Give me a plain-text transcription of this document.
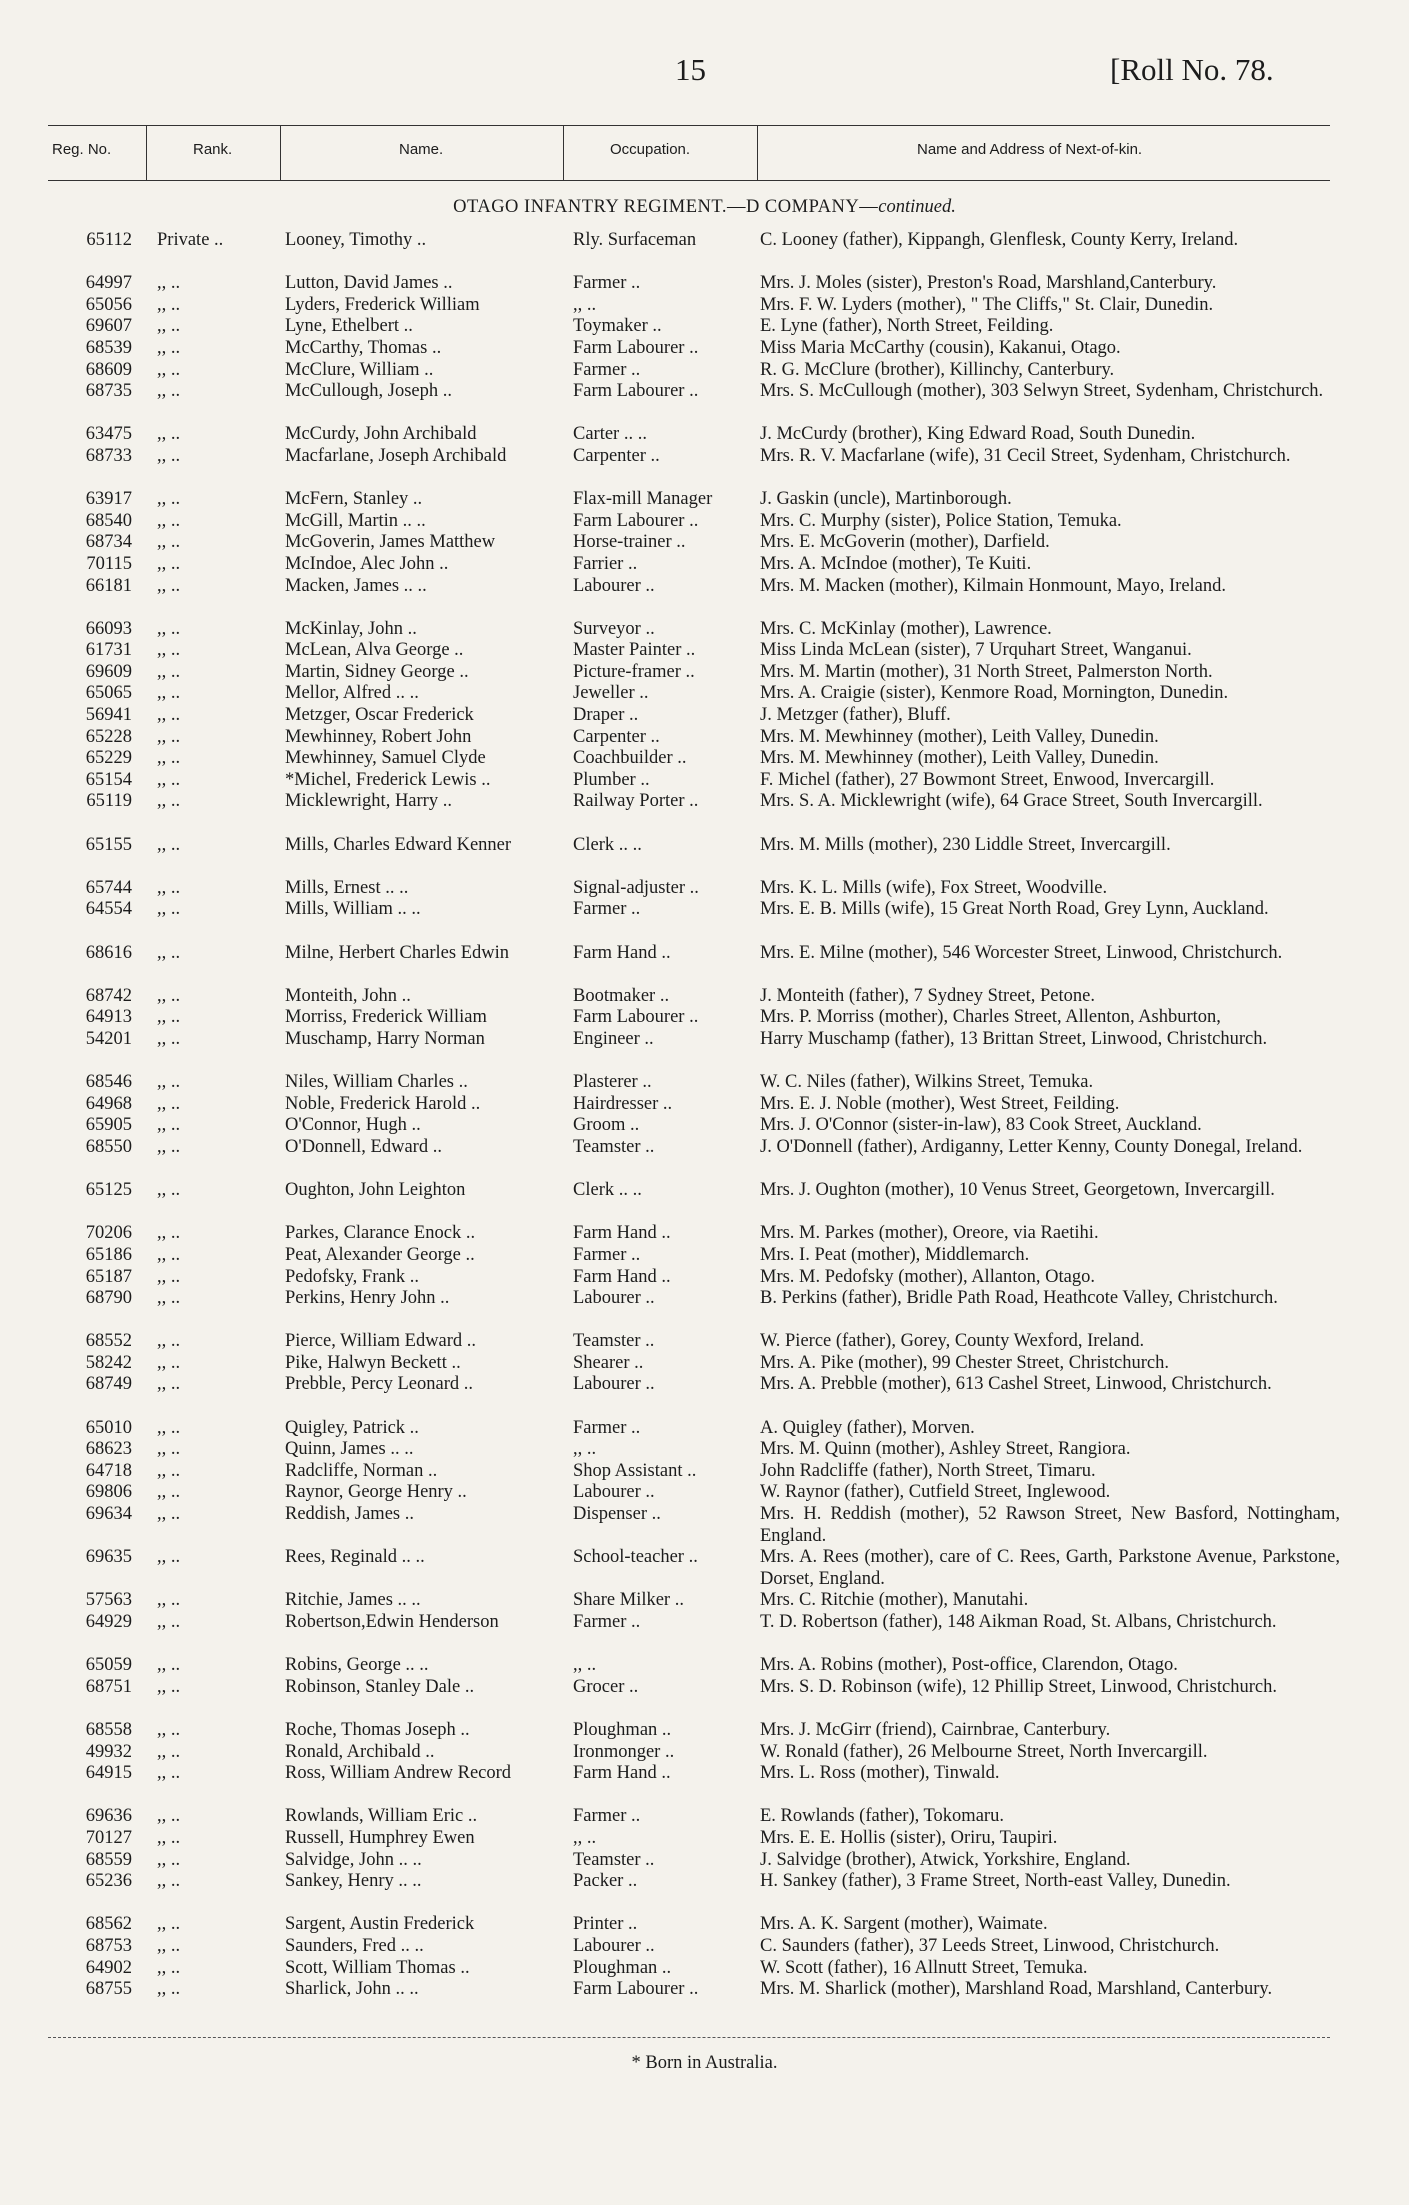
15	[Roll No. 78.
Reg. No.	Rank.	Name.	Occupation.	Name and Address of Next-of-kin.
OTAGO INFANTRY REGIMENT.—D COMPANY—continued.
65112 Private ..	Looney, Timothy ..	Rly. Surfaceman	C. Looney (father), Kippangh, Glenflesk, County Kerry, Ireland.
64997 ,, ..	Lutton, David James ..	Farmer ..	Mrs. J. Moles (sister), Preston's Road, Marshland,Canterbury.
65056 ,, ..	Lyders, Frederick William	,, ..	Mrs. F. W. Lyders (mother), " The Cliffs," St. Clair, Dunedin.
69607 ,, ..	Lyne, Ethelbert ..	Toymaker ..	E. Lyne (father), North Street, Feilding.
68539 ,, ..	McCarthy, Thomas ..	Farm Labourer ..	Miss Maria McCarthy (cousin), Kakanui, Otago.
68609 ,, ..	McClure, William ..	Farmer ..	R. G. McClure (brother), Killinchy, Canterbury.
68735 ,, ..	McCullough, Joseph ..	Farm Labourer ..	Mrs. S. McCullough (mother), 303 Selwyn Street, Sydenham, Christchurch.
63475 ,, ..	McCurdy, John Archibald	Carter .. ..	J. McCurdy (brother), King Edward Road, South Dunedin.
68733 ,, ..	Macfarlane, Joseph Archibald	Carpenter ..	Mrs. R. V. Macfarlane (wife), 31 Cecil Street, Sydenham, Christchurch.
63917 ,, ..	McFern, Stanley ..	Flax-mill Manager	J. Gaskin (uncle), Martinborough.
68540 ,, ..	McGill, Martin .. ..	Farm Labourer ..	Mrs. C. Murphy (sister), Police Station, Temuka.
68734 ,, ..	McGoverin, James Matthew	Horse-trainer ..	Mrs. E. McGoverin (mother), Darfield.
70115 ,, ..	McIndoe, Alec John ..	Farrier ..	Mrs. A. McIndoe (mother), Te Kuiti.
66181 ,, ..	Macken, James .. ..	Labourer ..	Mrs. M. Macken (mother), Kilmain Honmount, Mayo, Ireland.
66093 ,, ..	McKinlay, John ..	Surveyor ..	Mrs. C. McKinlay (mother), Lawrence.
61731 ,, ..	McLean, Alva George ..	Master Painter ..	Miss Linda McLean (sister), 7 Urquhart Street, Wanganui.
69609 ,, ..	Martin, Sidney George ..	Picture-framer ..	Mrs. M. Martin (mother), 31 North Street, Palmerston North.
65065 ,, ..	Mellor, Alfred .. ..	Jeweller ..	Mrs. A. Craigie (sister), Kenmore Road, Mornington, Dunedin.
56941 ,, ..	Metzger, Oscar Frederick	Draper ..	J. Metzger (father), Bluff.
65228 ,, ..	Mewhinney, Robert John	Carpenter ..	Mrs. M. Mewhinney (mother), Leith Valley, Dunedin.
65229 ,, ..	Mewhinney, Samuel Clyde	Coachbuilder ..	Mrs. M. Mewhinney (mother), Leith Valley, Dunedin.
65154 ,, ..	*Michel, Frederick Lewis ..	Plumber ..	F. Michel (father), 27 Bowmont Street, Enwood, Invercargill.
65119 ,, ..	Micklewright, Harry ..	Railway Porter ..	Mrs. S. A. Micklewright (wife), 64 Grace Street, South Invercargill.
65155 ,, ..	Mills, Charles Edward Kenner	Clerk .. ..	Mrs. M. Mills (mother), 230 Liddle Street, Invercargill.
65744 ,, ..	Mills, Ernest .. ..	Signal-adjuster ..	Mrs. K. L. Mills (wife), Fox Street, Woodville.
64554 ,, ..	Mills, William .. ..	Farmer ..	Mrs. E. B. Mills (wife), 15 Great North Road, Grey Lynn, Auckland.
68616 ,, ..	Milne, Herbert Charles Edwin	Farm Hand ..	Mrs. E. Milne (mother), 546 Worcester Street, Linwood, Christchurch.
68742 ,, ..	Monteith, John ..	Bootmaker ..	J. Monteith (father), 7 Sydney Street, Petone.
64913 ,, ..	Morriss, Frederick William	Farm Labourer ..	Mrs. P. Morriss (mother), Charles Street, Allenton, Ashburton,
54201 ,, ..	Muschamp, Harry Norman	Engineer ..	Harry Muschamp (father), 13 Brittan Street, Linwood, Christchurch.
68546 ,, ..	Niles, William Charles ..	Plasterer ..	W. C. Niles (father), Wilkins Street, Temuka.
64968 ,, ..	Noble, Frederick Harold ..	Hairdresser ..	Mrs. E. J. Noble (mother), West Street, Feilding.
65905 ,, ..	O'Connor, Hugh ..	Groom ..	Mrs. J. O'Connor (sister-in-law), 83 Cook Street, Auckland.
68550 ,, ..	O'Donnell, Edward ..	Teamster ..	J. O'Donnell (father), Ardiganny, Letter Kenny, County Donegal, Ireland.
65125 ,, ..	Oughton, John Leighton	Clerk .. ..	Mrs. J. Oughton (mother), 10 Venus Street, Georgetown, Invercargill.
70206 ,, ..	Parkes, Clarance Enock ..	Farm Hand ..	Mrs. M. Parkes (mother), Oreore, via Raetihi.
65186 ,, ..	Peat, Alexander George ..	Farmer ..	Mrs. I. Peat (mother), Middlemarch.
65187 ,, ..	Pedofsky, Frank ..	Farm Hand ..	Mrs. M. Pedofsky (mother), Allanton, Otago.
68790 ,, ..	Perkins, Henry John ..	Labourer ..	B. Perkins (father), Bridle Path Road, Heathcote Valley, Christchurch.
68552 ,, ..	Pierce, William Edward ..	Teamster ..	W. Pierce (father), Gorey, County Wexford, Ireland.
58242 ,, ..	Pike, Halwyn Beckett ..	Shearer ..	Mrs. A. Pike (mother), 99 Chester Street, Christchurch.
68749 ,, ..	Prebble, Percy Leonard ..	Labourer ..	Mrs. A. Prebble (mother), 613 Cashel Street, Linwood, Christchurch.
65010 ,, ..	Quigley, Patrick ..	Farmer ..	A. Quigley (father), Morven.
68623 ,, ..	Quinn, James .. ..	,, ..	Mrs. M. Quinn (mother), Ashley Street, Rangiora.
64718 ,, ..	Radcliffe, Norman ..	Shop Assistant ..	John Radcliffe (father), North Street, Timaru.
69806 ,, ..	Raynor, George Henry ..	Labourer ..	W. Raynor (father), Cutfield Street, Inglewood.
69634 ,, ..	Reddish, James ..	Dispenser ..	Mrs. H. Reddish (mother), 52 Rawson Street, New Basford, Nottingham, England.
69635 ,, ..	Rees, Reginald .. ..	School-teacher ..	Mrs. A. Rees (mother), care of C. Rees, Garth, Parkstone Avenue, Parkstone, Dorset, England.
57563 ,, ..	Ritchie, James .. ..	Share Milker ..	Mrs. C. Ritchie (mother), Manutahi.
64929 ,, ..	Robertson,Edwin Henderson	Farmer ..	T. D. Robertson (father), 148 Aikman Road, St. Albans, Christchurch.
65059 ,, ..	Robins, George .. ..	,, ..	Mrs. A. Robins (mother), Post-office, Clarendon, Otago.
68751 ,, ..	Robinson, Stanley Dale ..	Grocer ..	Mrs. S. D. Robinson (wife), 12 Phillip Street, Linwood, Christchurch.
68558 ,, ..	Roche, Thomas Joseph ..	Ploughman ..	Mrs. J. McGirr (friend), Cairnbrae, Canterbury.
49932 ,, ..	Ronald, Archibald ..	Ironmonger ..	W. Ronald (father), 26 Melbourne Street, North Invercargill.
64915 ,, ..	Ross, William Andrew Record	Farm Hand ..	Mrs. L. Ross (mother), Tinwald.
69636 ,, ..	Rowlands, William Eric ..	Farmer ..	E. Rowlands (father), Tokomaru.
70127 ,, ..	Russell, Humphrey Ewen	,, ..	Mrs. E. E. Hollis (sister), Oriru, Taupiri.
68559 ,, ..	Salvidge, John .. ..	Teamster ..	J. Salvidge (brother), Atwick, Yorkshire, England.
65236 ,, ..	Sankey, Henry .. ..	Packer ..	H. Sankey (father), 3 Frame Street, North-east Valley, Dunedin.
68562 ,, ..	Sargent, Austin Frederick	Printer ..	Mrs. A. K. Sargent (mother), Waimate.
68753 ,, ..	Saunders, Fred .. ..	Labourer ..	C. Saunders (father), 37 Leeds Street, Linwood, Christchurch.
64902 ,, ..	Scott, William Thomas ..	Ploughman ..	W. Scott (father), 16 Allnutt Street, Temuka.
68755 ,, ..	Sharlick, John .. ..	Farm Labourer ..	Mrs. M. Sharlick (mother), Marshland Road, Marshland, Canterbury.
* Born in Australia.
